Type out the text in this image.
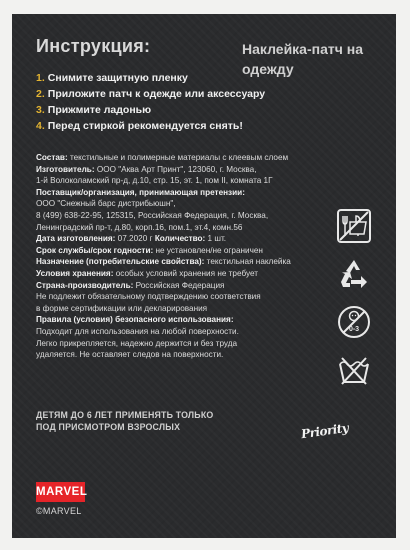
Инструкция:	Наклейка-патч на одежду
1. Снимите защитную пленку
2. Приложите патч к одежде или аксессуару
3. Прижмите ладонью
4. Перед стиркой рекомендуется снять!
Состав: текстильные и полимерные материалы с клеевым слоем
Изготовитель: ООО "Аква Арт Принт", 123060, г. Москва,
1-й Волоколамский пр-д, д.10, стр. 15, эт. 1, пом II, комната 1Г
Поставщик/организация, принимающая претензии:
ООО "Снежный барс дистрибьюшн",
8 (499) 638-22-95, 125315, Российская Федерация, г. Москва,
Ленинградский пр-т, д.80, корп.16, пом.1, эт.4, комн.56
Дата изготовления: 07.2020 г Количество: 1 шт.
Срок службы/срок годности: не установлен/не ограничен
Назначение (потребительские свойства): текстильная наклейка
Условия хранения: особых условий хранения не требует
Страна-производитель: Российская Федерация
Не подлежит обязательному подтверждению соответствия
в форме сертификации или декларирования
Правила (условия) безопасного использования:
Подходит для использования на любой поверхности.
Легко прикрепляется, надежно держится и без труда
удаляется. Не оставляет следов на поверхности.
ДЕТЯМ ДО 6 ЛЕТ ПРИМЕНЯТЬ ТОЛЬКО
ПОД ПРИСМОТРОМ ВЗРОСЛЫХ
0-3
Priority
MARVEL
©MARVEL
